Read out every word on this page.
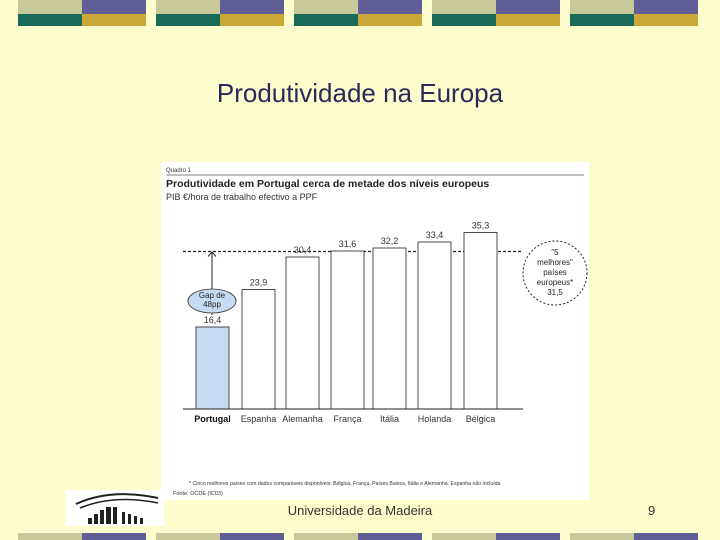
Produtividade na Europa
Quadro 1
Produtividade em Portugal cerca de metade dos níveis europeus
PIB €/hora de trabalho efectivo a PPF
16,4
Portugal
23,9
Espanha
30,4
Alemanha
31,6
França
32,2
Itália
33,4
Holanda
35,3
Bélgica
Gap de
48pp
"5
melhores"
países
europeus*
31,5
* Cinco melhores países com dados comparáveis disponíveis: Bélgica, França, Países Baixos, Itália e Alemanha. Espanha não incluída
Fonte: OCDE (IC03)
Universidade da Madeira	9
